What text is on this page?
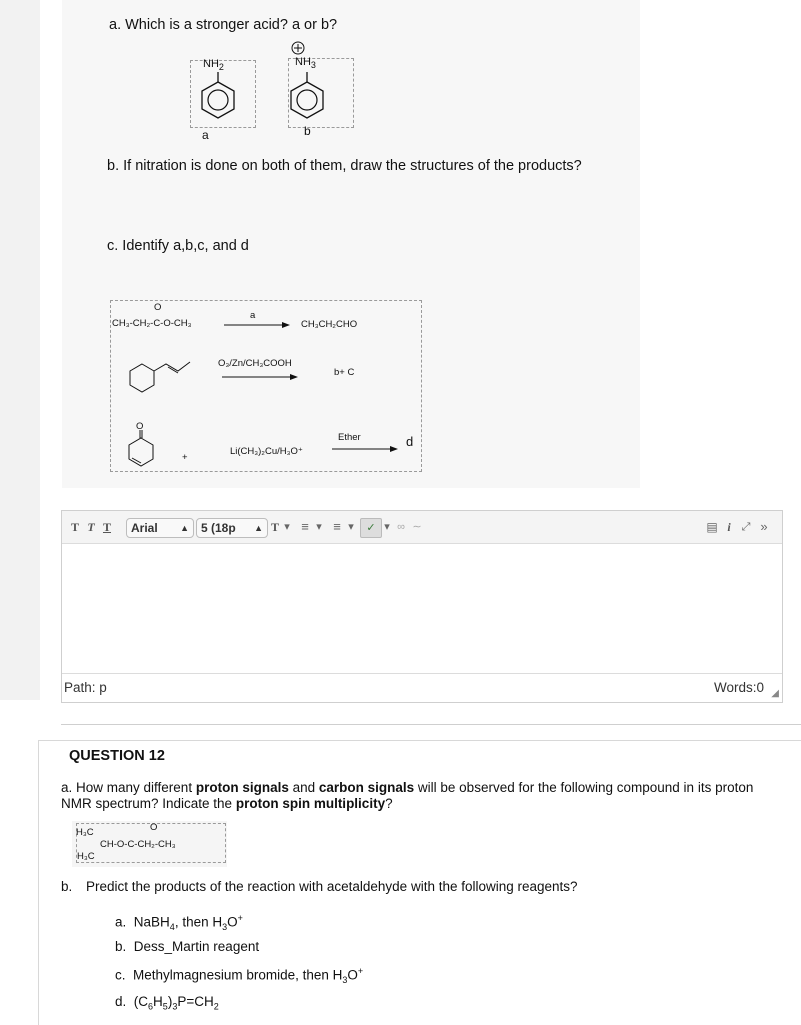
a. Which is a stronger acid? a or b?
$NH_2$
a
$NH_3$
b
b. If nitration is done on both of them, draw the structures of the products?
c. Identify a,b,c, and d
O
CH₃-CH₂-C-O-CH₃
a
CH₃CH₂CHO
O₃/Zn/CH₃COOH
b+ C
O
+
Li(CH₃)₂Cu/H₃O⁺
Ether	d
T T T	Arial ▲︎	5 (18p ▲︎ T ▾ ≡ ▾ ≡ ▾	✓ ▾ ∞ ∼	▤ i ⤢ »
Path: p	Words:0 ◢
QUESTION 12
a. How many different proton signals and carbon signals will be observed for the following compound in its proton
NMR spectrum? Indicate the proton spin multiplicity?
H₃C
H₃C
O
CH-O-C-CH₂-CH₃
b. Predict the products of the reaction with acetaldehyde with the following reagents?
a. NaBH$_4$, then $H_3O^+$
b. Dess_Martin reagent
c. Methylmagnesium bromide, then $H_3O^+$
d. $(C_6H_5)_3P=CH_2$
